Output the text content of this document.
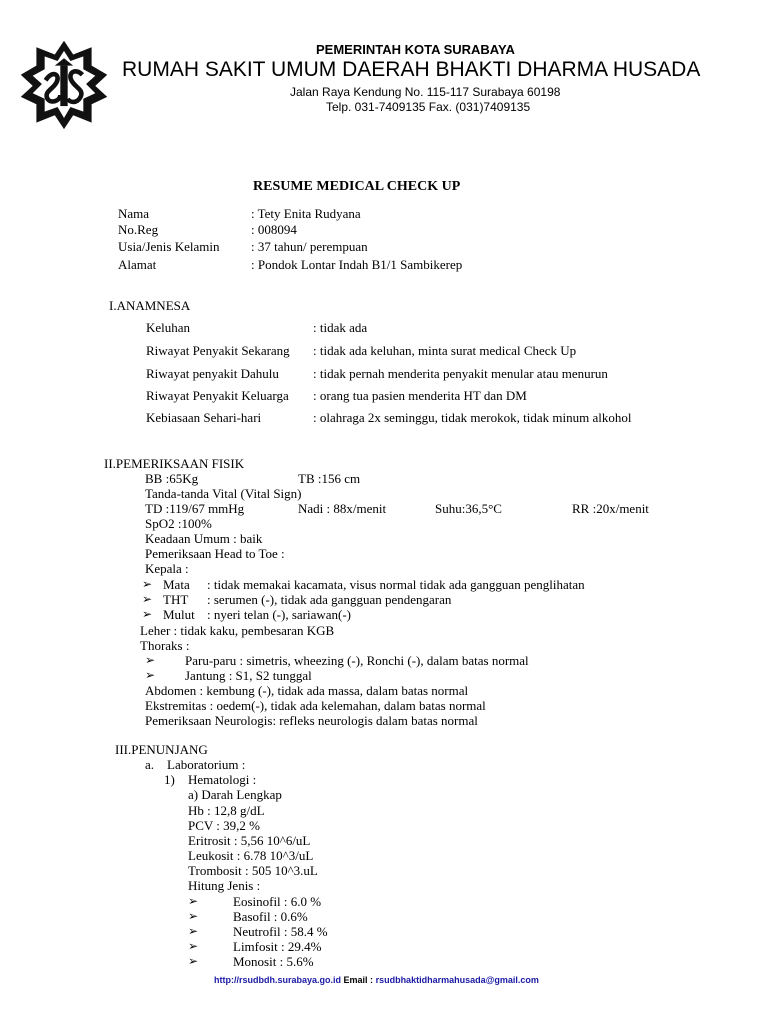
PEMERINTAH KOTA SURABAYA
RUMAH SAKIT UMUM DAERAH BHAKTI DHARMA HUSADA
Jalan Raya Kendung No. 115-117 Surabaya 60198
Telp. 031-7409135 Fax. (031)7409135
RESUME MEDICAL CHECK UP
Nama	: Tety Enita Rudyana
No.Reg	: 008094
Usia/Jenis Kelamin : 37 tahun/ perempuan
Alamat	: Pondok Lontar Indah B1/1 Sambikerep
I.ANAMNESA
Keluhan	: tidak ada
Riwayat Penyakit Sekarang : tidak ada keluhan, minta surat medical Check Up
Riwayat penyakit Dahulu	: tidak pernah menderita penyakit menular atau menurun
Riwayat Penyakit Keluarga : orang tua pasien menderita HT dan DM
Kebiasaan Sehari-hari	: olahraga 2x seminggu, tidak merokok, tidak minum alkohol
II.PEMERIKSAAN FISIK
BB :65Kg	TB :156 cm
Tanda-tanda Vital (Vital Sign)
TD :119/67 mmHg	Nadi : 88x/menit	Suhu:36,5°C	RR :20x/menit
SpO2 :100%
Keadaan Umum : baik
Pemeriksaan Head to Toe :
Kepala :
➢ Mata : tidak memakai kacamata, visus normal tidak ada gangguan penglihatan
➢ THT : serumen (-), tidak ada gangguan pendengaran
➢ Mulut : nyeri telan (-), sariawan(-)
Leher : tidak kaku, pembesaran KGB
Thoraks :
➢ Paru-paru : simetris, wheezing (-), Ronchi (-), dalam batas normal
➢ Jantung : S1, S2 tunggal
Abdomen : kembung (-), tidak ada massa, dalam batas normal
Ekstremitas : oedem(-), tidak ada kelemahan, dalam batas normal
Pemeriksaan Neurologis: refleks neurologis dalam batas normal
III.PENUNJANG
a. Laboratorium :
1) Hematologi :
a) Darah Lengkap
Hb : 12,8 g/dL
PCV : 39,2 %
Eritrosit : 5,56 10^6/uL
Leukosit : 6.78 10^3/uL
Trombosit : 505 10^3.uL
Hitung Jenis :
➢	Eosinofil : 6.0 %
➢	Basofil : 0.6%
➢	Neutrofil : 58.4 %
➢	Limfosit : 29.4%
➢	Monosit : 5.6%
http://rsudbdh.surabaya.go.id Email : rsudbhaktidharmahusada@gmail.com
